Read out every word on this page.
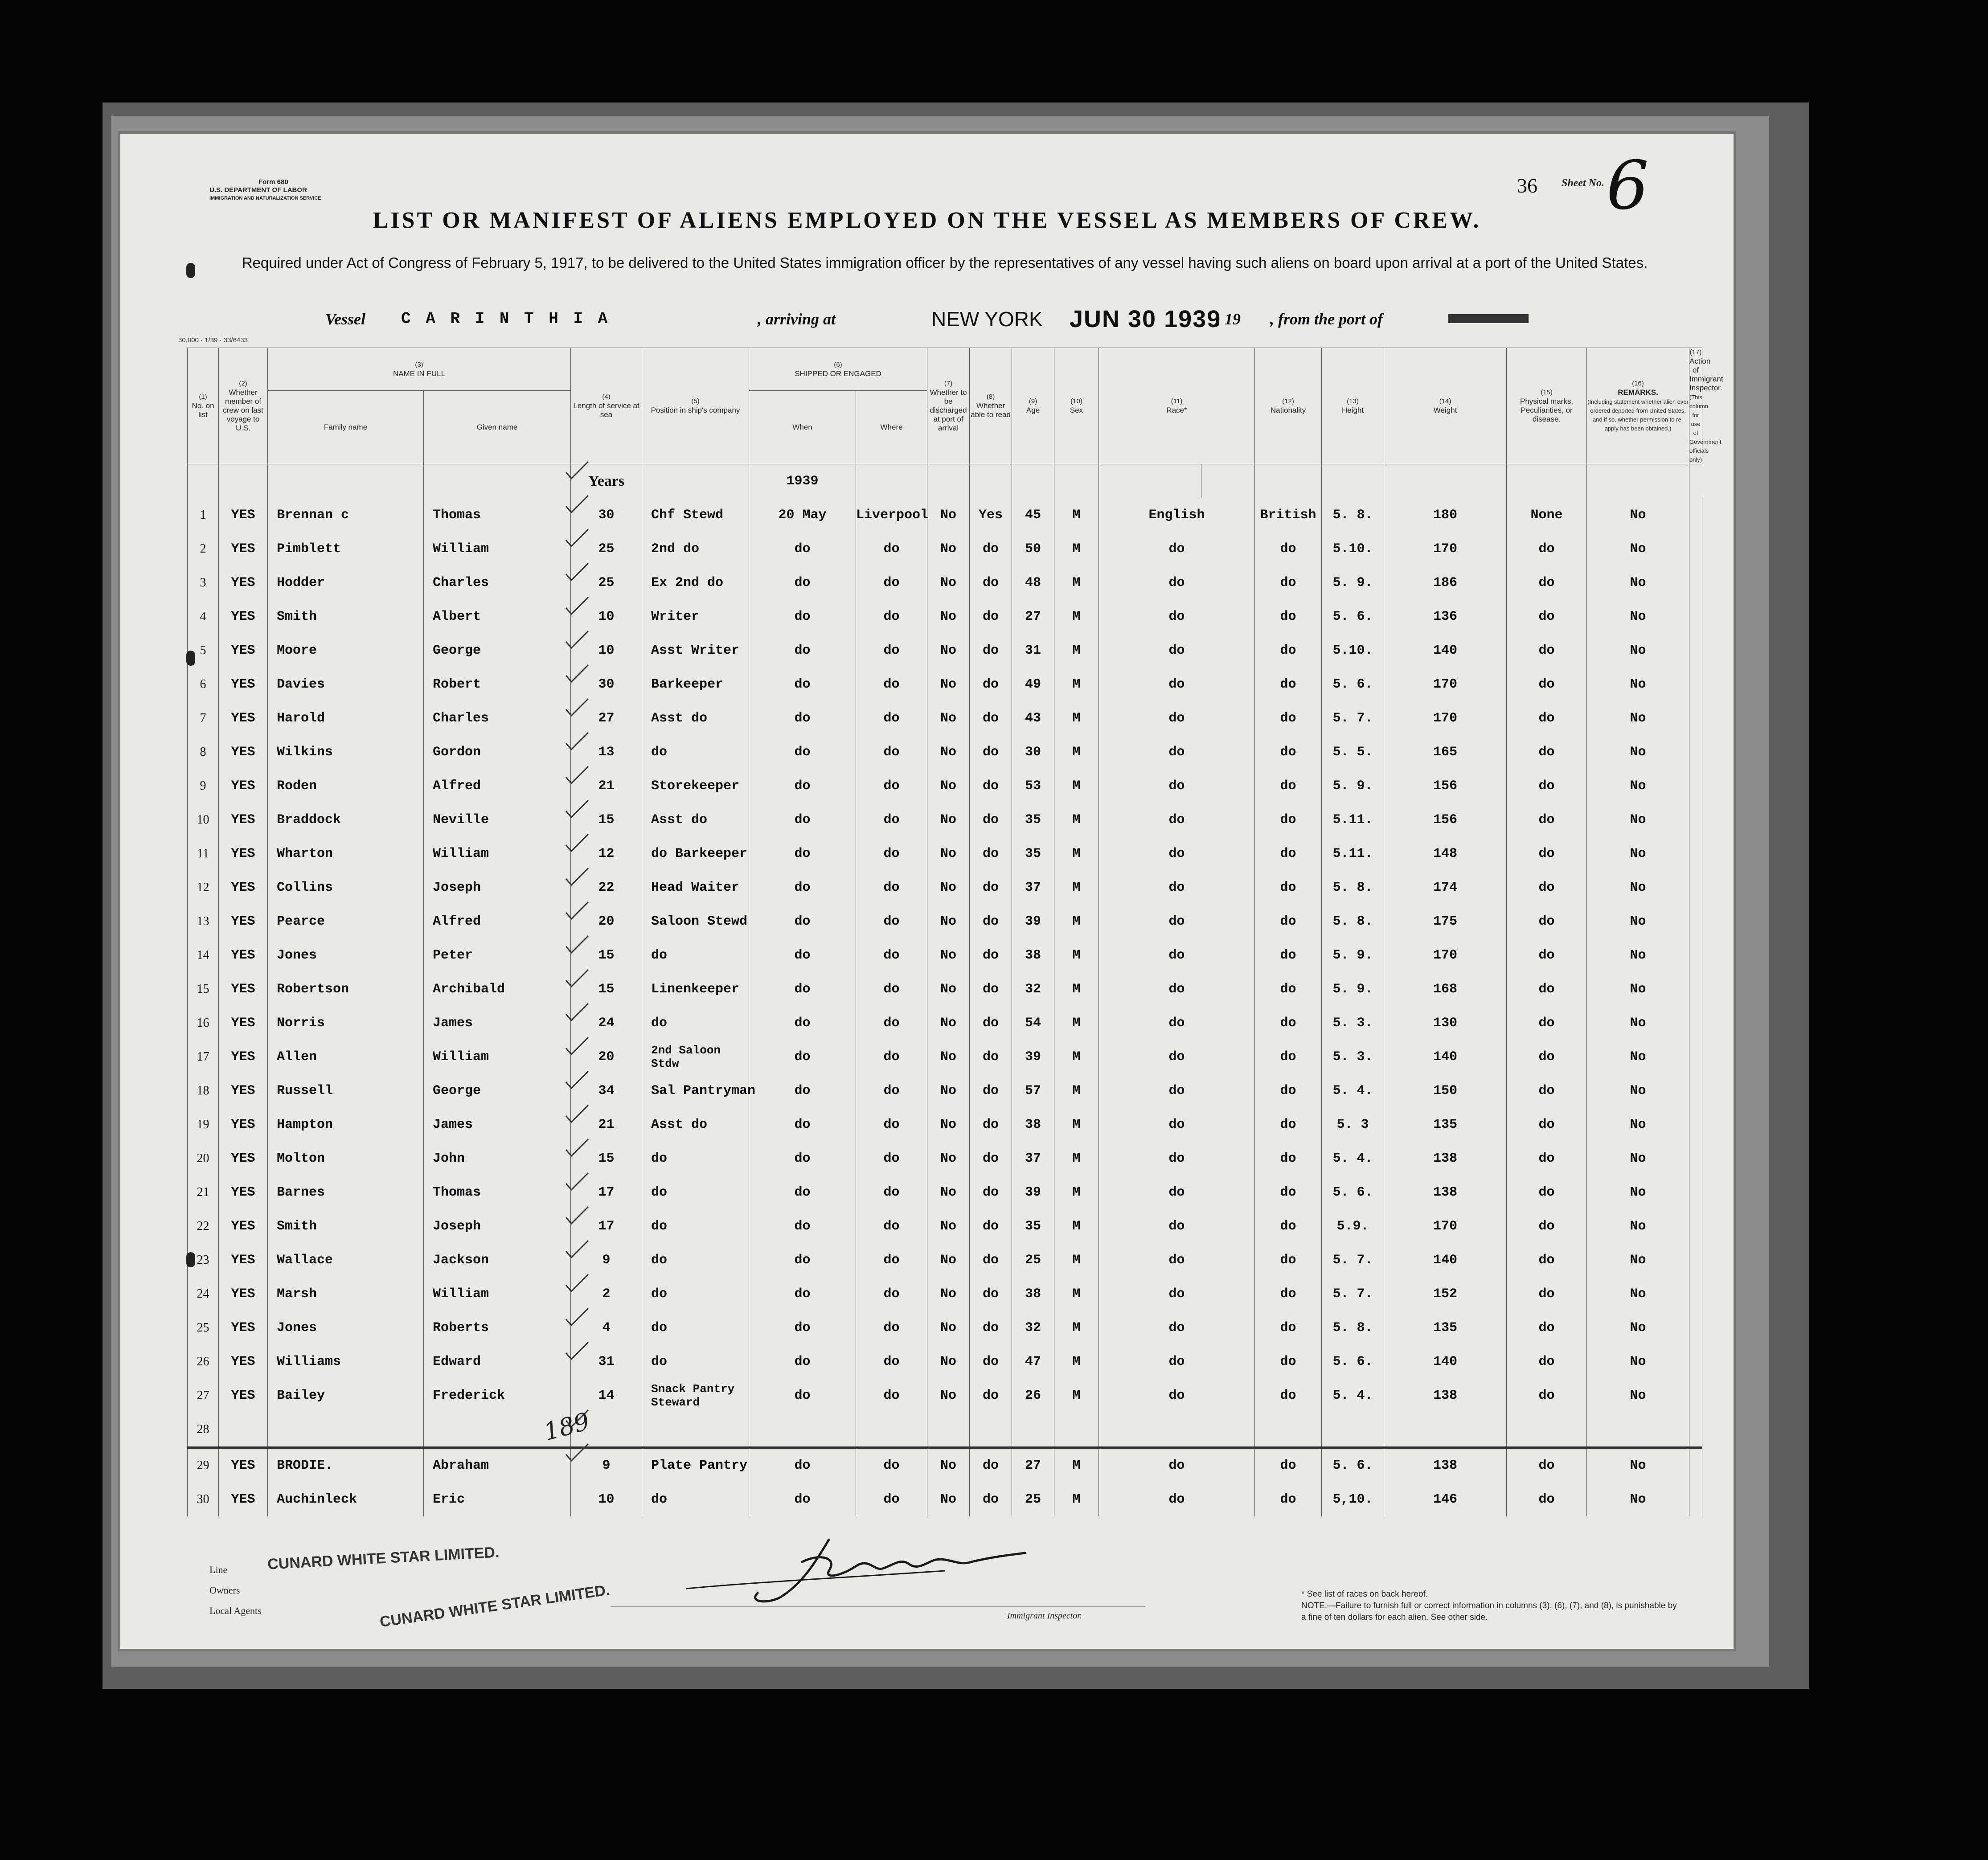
Form 680
U.S. DEPARTMENT OF LABOR
IMMIGRATION AND NATURALIZATION SERVICE
36 Sheet No. 6
LIST OR MANIFEST OF ALIENS EMPLOYED ON THE VESSEL AS MEMBERS OF CREW.
Required under Act of Congress of February 5, 1917, to be delivered to the United States immigration officer by the representatives of any vessel having such aliens on board upon arrival at a port of the United States.
30,000 · 1/39 · 33/6433
Vessel C A R I N T H I A	, arriving at	NEW YORK JUN 30 1939
, 19 , from the port of
(1)
No. on list	(2)
Whether member of crew on last voyage to U.S.	(3)
NAME IN FULL		(4)
Length of service at sea	(5)
Position in ship's company	(6)
SHIPPED OR ENGAGED		(7)
Whether to be discharged at port of arrival	(8)
Whether able to read	(9)
Age	(10)
Sex	(11)
Race*		(12)
Nationality	(13)
Height	(14)
Weight	(15)
Physical marks, Peculiarities, or disease.	(16)
REMARKS.
(Including statement whether alien ever ordered deported from United States, and if so, whether permission to re-apply has been obtained.)	(17)
Action of Immigrant Inspector.
(This column for use of Government officials only)
		Family name	Given name			When	Where												
				Years		1939													
1	YES	Brennan c	Thomas	30	Chf Stewd	20 May	Liverpool	No	Yes	45	M	English		British	5. 8.	180	None	No	
2	YES	Pimblett	William	25	2nd do	do	do	No	do	50	M	do		do	5.10.	170	do	No	
3	YES	Hodder	Charles	25	Ex 2nd do	do	do	No	do	48	M	do		do	5. 9.	186	do	No	
4	YES	Smith	Albert	10	Writer	do	do	No	do	27	M	do		do	5. 6.	136	do	No	
5	YES	Moore	George	10	Asst Writer	do	do	No	do	31	M	do		do	5.10.	140	do	No	
6	YES	Davies	Robert	30	Barkeeper	do	do	No	do	49	M	do		do	5. 6.	170	do	No	
7	YES	Harold	Charles	27	Asst do	do	do	No	do	43	M	do		do	5. 7.	170	do	No	
8	YES	Wilkins	Gordon	13	do	do	do	No	do	30	M	do		do	5. 5.	165	do	No	
9	YES	Roden	Alfred	21	Storekeeper	do	do	No	do	53	M	do		do	5. 9.	156	do	No	
10	YES	Braddock	Neville	15	Asst do	do	do	No	do	35	M	do		do	5.11.	156	do	No	
11	YES	Wharton	William	12	do Barkeeper	do	do	No	do	35	M	do		do	5.11.	148	do	No	
12	YES	Collins	Joseph	22	Head Waiter	do	do	No	do	37	M	do		do	5. 8.	174	do	No	
13	YES	Pearce	Alfred	20	Saloon Stewd	do	do	No	do	39	M	do		do	5. 8.	175	do	No	
14	YES	Jones	Peter	15	do	do	do	No	do	38	M	do		do	5. 9.	170	do	No	
15	YES	Robertson	Archibald	15	Linenkeeper	do	do	No	do	32	M	do		do	5. 9.	168	do	No	
16	YES	Norris	James	24	do	do	do	No	do	54	M	do		do	5. 3.	130	do	No	
17	YES	Allen	William	20	2nd Saloon Stdw	do	do	No	do	39	M	do		do	5. 3.	140	do	No	
18	YES	Russell	George	34	Sal Pantryman	do	do	No	do	57	M	do		do	5. 4.	150	do	No	
19	YES	Hampton	James	21	Asst do	do	do	No	do	38	M	do		do	5. 3	135	do	No	
20	YES	Molton	John	15	do	do	do	No	do	37	M	do		do	5. 4.	138	do	No	
21	YES	Barnes	Thomas	17	do	do	do	No	do	39	M	do		do	5. 6.	138	do	No	
22	YES	Smith	Joseph	17	do	do	do	No	do	35	M	do		do	5.9.	170	do	No	
23	YES	Wallace	Jackson	9	do	do	do	No	do	25	M	do		do	5. 7.	140	do	No	
24	YES	Marsh	William	2	do	do	do	No	do	38	M	do		do	5. 7.	152	do	No	
25	YES	Jones	Roberts	4	do	do	do	No	do	32	M	do		do	5. 8.	135	do	No	
26	YES	Williams	Edward	31	do	do	do	No	do	47	M	do		do	5. 6.	140	do	No	
27	YES	Bailey	Frederick	14	Snack Pantry Steward	do	do	No	do	26	M	do		do	5. 4.	138	do	No	
28																			
29	YES	BRODIE.	Abraham	9	Plate Pantry	do	do	No	do	27	M	do		do	5. 6.	138	do	No	
30	YES	Auchinleck	Eric	10	do	do	do	No	do	25	M	do		do	5,10.	146	do	No	
189
Line
Owners
Local Agents
CUNARD WHITE STAR LIMITED.
CUNARD WHITE STAR LIMITED.	Immigrant Inspector.
* See list of races on back hereof.
NOTE.—Failure to furnish full or correct information in columns (3), (6), (7), and (8), is punishable by a fine of ten dollars for each alien. See other side.
